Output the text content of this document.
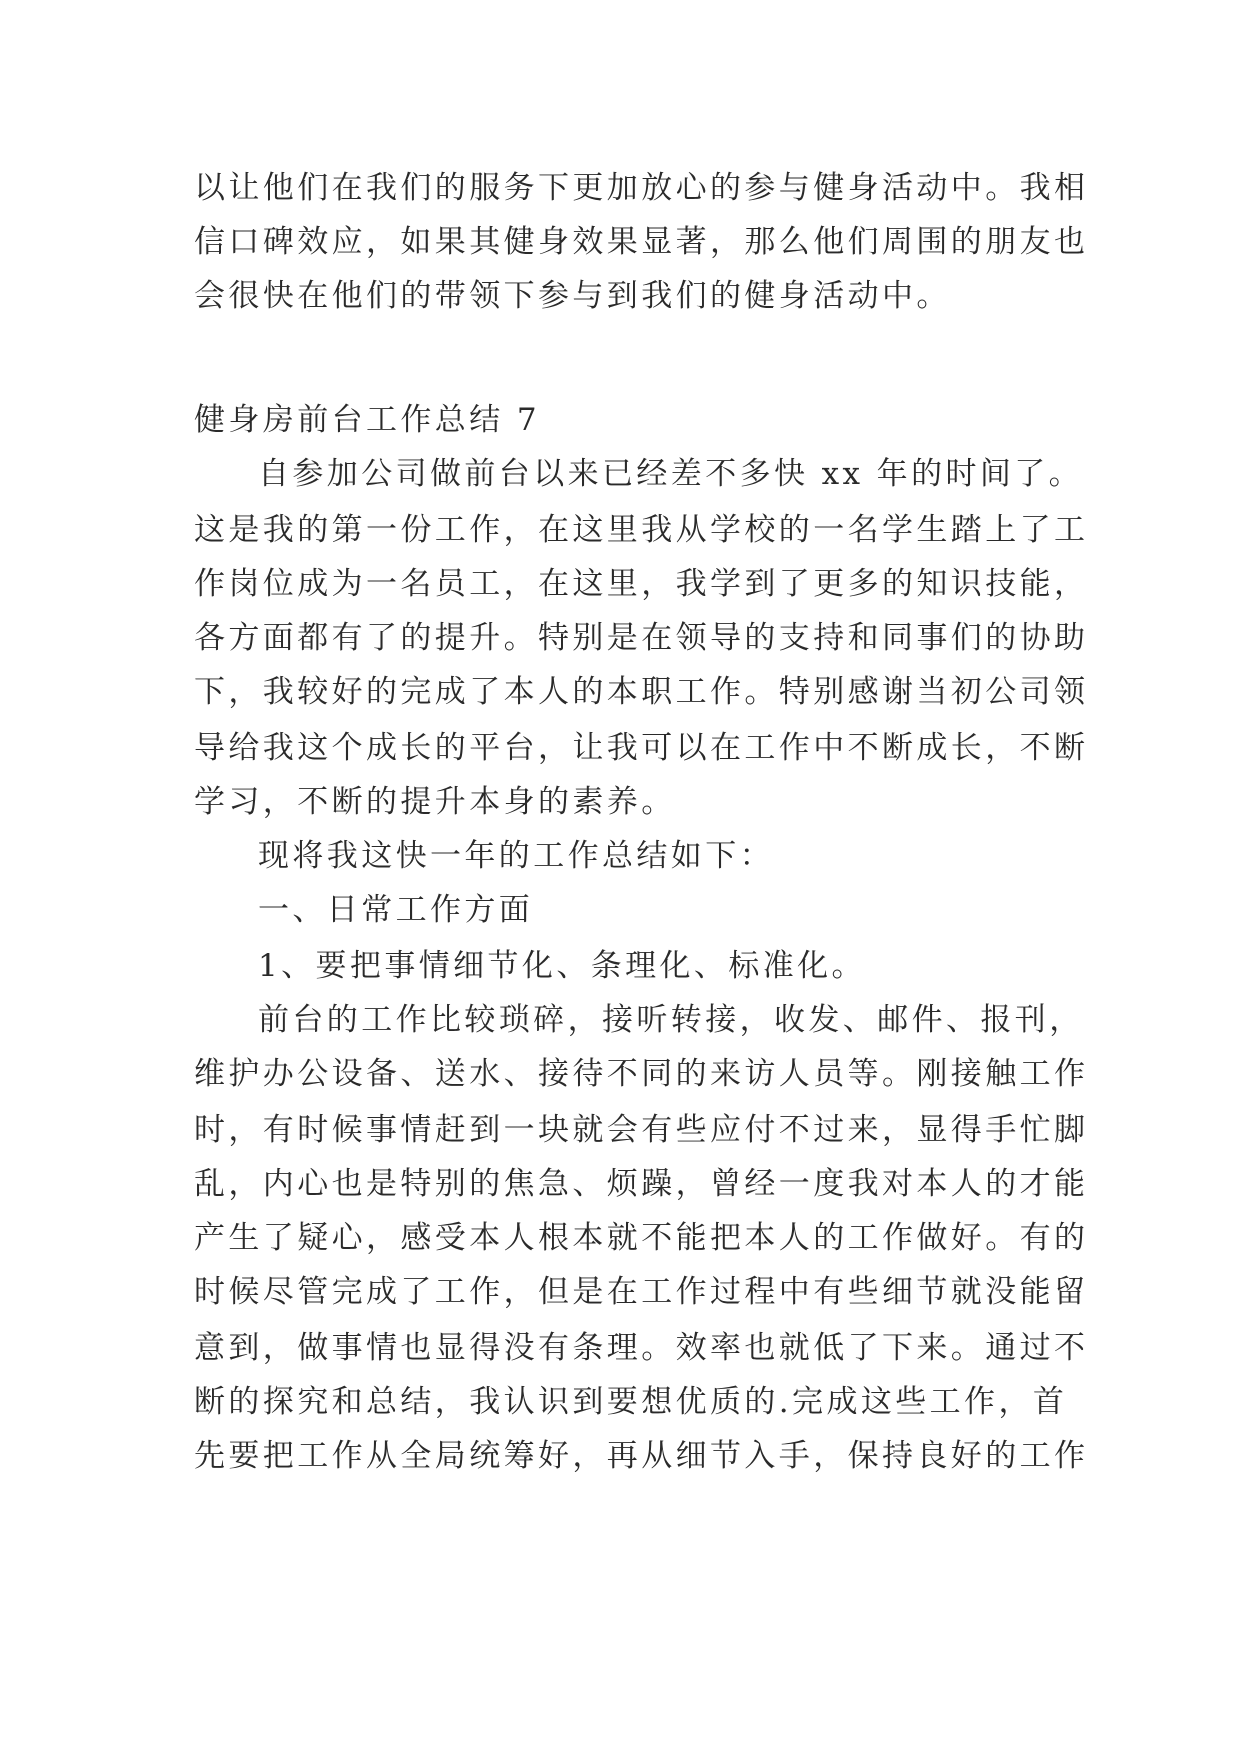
以让他们在我们的服务下更加放心的参与健身活动中。我相
信口碑效应，如果其健身效果显著，那么他们周围的朋友也
会很快在他们的带领下参与到我们的健身活动中。
健身房前台工作总结 7
自参加公司做前台以来已经差不多快 xx 年的时间了。
这是我的第一份工作，在这里我从学校的一名学生踏上了工
作岗位成为一名员工，在这里，我学到了更多的知识技能，
各方面都有了的提升。特别是在领导的支持和同事们的协助
下，我较好的完成了本人的本职工作。特别感谢当初公司领
导给我这个成长的平台，让我可以在工作中不断成长，不断
学习，不断的提升本身的素养。
现将我这快一年的工作总结如下：
一、日常工作方面
1、要把事情细节化、条理化、标准化。
前台的工作比较琐碎，接听转接，收发、邮件、报刊，
维护办公设备、送水、接待不同的来访人员等。刚接触工作
时，有时候事情赶到一块就会有些应付不过来，显得手忙脚
乱，内心也是特别的焦急、烦躁，曾经一度我对本人的才能
产生了疑心，感受本人根本就不能把本人的工作做好。有的
时候尽管完成了工作，但是在工作过程中有些细节就没能留
意到，做事情也显得没有条理。效率也就低了下来。通过不
断的探究和总结，我认识到要想优质的.完成这些工作，首
先要把工作从全局统筹好，再从细节入手，保持良好的工作
